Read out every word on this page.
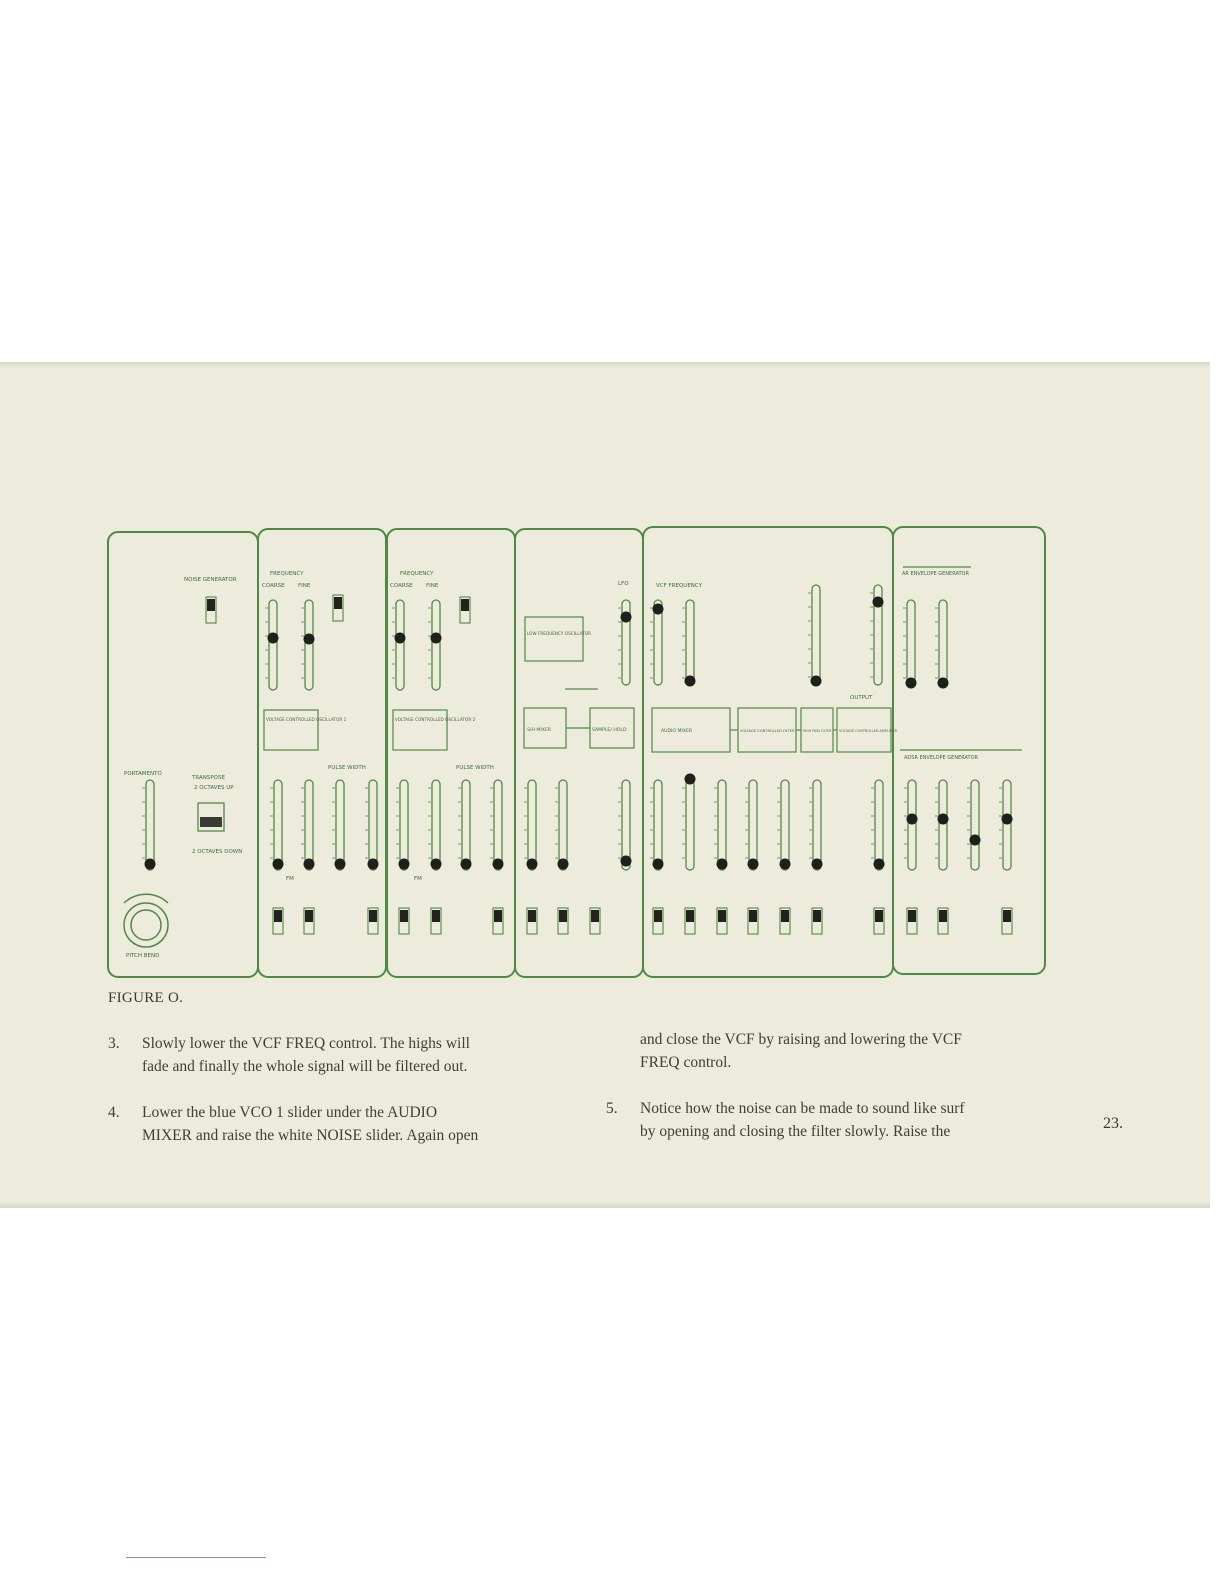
NOISE GENERATOR
PORTAMENTO
TRANSPOSE
2 OCTAVES UP
2 OCTAVES DOWN
PITCH BEND
FREQUENCY
COARSE FINE
VOLTAGE CONTROLLED OSCILLATOR 1
FM
PULSE WIDTH
FREQUENCY
COARSE FINE
VOLTAGE CONTROLLED OSCILLATOR 2
FM
PULSE WIDTH
LFO
LOW FREQUENCY OSCILLATOR
S/H MIXER	SAMPLE/ HOLD
VCF FREQUENCY
AUDIO MIXER	VOLTAGE CONTROLLED FILTER	HIGH PASS FILTER VOLTAGE CONTROLLED AMPLIFIER
OUTPUT
AR ENVELOPE GENERATOR
ADSR ENVELOPE GENERATOR
FIGURE O.
3.	Slowly lower the VCF FREQ control. The highs will
fade and finally the whole signal will be filtered out.
4.	Lower the blue VCO 1 slider under the AUDIO
MIXER and raise the white NOISE slider. Again open
and close the VCF by raising and lowering the VCF
FREQ control.
5.	Notice how the noise can be made to sound like surf
by opening and closing the filter slowly. Raise the	23.
